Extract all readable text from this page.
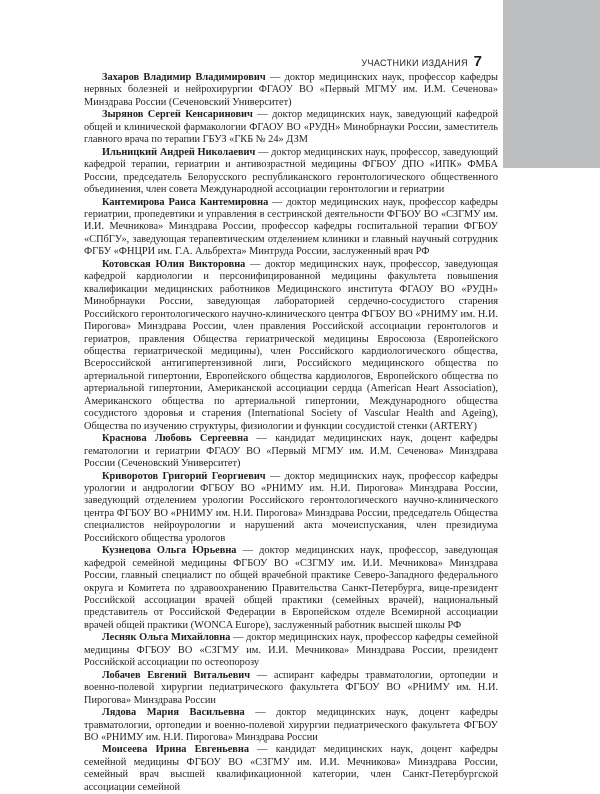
УЧАСТНИКИ ИЗДАНИЯ 7

Захаров Владимир Владимирович — доктор медицинских наук, профессор кафедры нервных болезней и нейрохирургии ФГАОУ ВО «Первый МГМУ им. И.М. Сеченова» Минздрава России (Сеченовский Университет)

Зырянов Сергей Кенсаринович — доктор медицинских наук, заведующий кафедрой общей и клинической фармакологии ФГАОУ ВО «РУДН» Минобрнауки России, заместитель главного врача по терапии ГБУЗ «ГКБ № 24» ДЗМ

Ильницкий Андрей Николаевич — доктор медицинских наук, профессор, заведующий кафедрой терапии, гериатрии и антивозрастной медицины ФГБОУ ДПО «ИПК» ФМБА России, председатель Белорусского республиканского геронтологического общественного объединения, член совета Международной ассоциации геронтологии и гериатрии

Кантемирова Раиса Кантемировна — доктор медицинских наук, профессор кафедры гериатрии, пропедевтики и управления в сестринской деятельности ФГБОУ ВО «СЗГМУ им. И.И. Мечникова» Минздрава России, профессор кафедры госпитальной терапии ФГБОУ «СПбГУ», заведующая терапевтическим отделением клиники и главный научный сотрудник ФГБУ «ФНЦРИ им. Г.А. Альбрехта» Минтруда России, заслуженный врач РФ

Котовская Юлия Викторовна — доктор медицинских наук, профессор, заведующая кафедрой кардиологии и персонифицированной медицины факультета повышения квалификации медицинских работников Медицинского института ФГАОУ ВО «РУДН» Минобрнауки России, заведующая лабораторией сердечно-сосудистого старения Российского геронтологического научно-клинического центра ФГБОУ ВО «РНИМУ им. Н.И. Пирогова» Минздрава России, член правления Российской ассоциации геронтологов и гериатров, правления Общества гериатрической медицины Евросоюза (Европейского общества гериатрической медицины), член Российского кардиологического общества, Всероссийской антигипертензивной лиги, Российского медицинского общества по артериальной гипертонии, Европейского общества кардиологов, Европейского общества по артериальной гипертонии, Американской ассоциации сердца (American Heart Association), Американского общества по артериальной гипертонии, Международного общества сосудистого здоровья и старения (International Society of Vascular Health and Ageing), Общества по изучению структуры, физиологии и функции сосудистой стенки (ARTERY)

Краснова Любовь Сергеевна — кандидат медицинских наук, доцент кафедры гематологии и гериатрии ФГАОУ ВО «Первый МГМУ им. И.М. Сеченова» Минздрава России (Сеченовский Университет)

Криворотов Григорий Георгиевич — доктор медицинских наук, профессор кафедры урологии и андрологии ФГБОУ ВО «РНИМУ им. Н.И. Пирогова» Минздрава России, заведующий отделением урологии Российского геронтологического научно-клинического центра ФГБОУ ВО «РНИМУ им. Н.И. Пирогова» Минздрава России, председатель Общества специалистов нейроурологии и нарушений акта мочеиспускания, член президиума Российского общества урологов

Кузнецова Ольга Юрьевна — доктор медицинских наук, профессор, заведующая кафедрой семейной медицины ФГБОУ ВО «СЗГМУ им. И.И. Мечникова» Минздрава России, главный специалист по общей врачебной практике Северо-Западного федерального округа и Комитета по здравоохранению Правительства Санкт-Петербурга, вице-президент Российской ассоциации врачей общей практики (семейных врачей), национальный представитель от Российской Федерации в Европейском отделе Всемирной ассоциации врачей общей практики (WONCA Europe), заслуженный работник высшей школы РФ

Лесняк Ольга Михайловна — доктор медицинских наук, профессор кафедры семейной медицины ФГБОУ ВО «СЗГМУ им. И.И. Мечникова» Минздрава России, президент Российской ассоциации по остеопорозу

Лобачев Евгений Витальевич — аспирант кафедры травматологии, ортопедии и военно-полевой хирургии педиатрического факультета ФГБОУ ВО «РНИМУ им. Н.И. Пирогова» Минздрава России

Лядова Мария Васильевна — доктор медицинских наук, доцент кафедры травматологии, ортопедии и военно-полевой хирургии педиатрического факультета ФГБОУ ВО «РНИМУ им. Н.И. Пирогова» Минздрава России

Моисеева Ирина Евгеньевна — кандидат медицинских наук, доцент кафедры семейной медицины ФГБОУ ВО «СЗГМУ им. И.И. Мечникова» Минздрава России, семейный врач высшей квалификационной категории, член Санкт-Петербургской ассоциации семейной
